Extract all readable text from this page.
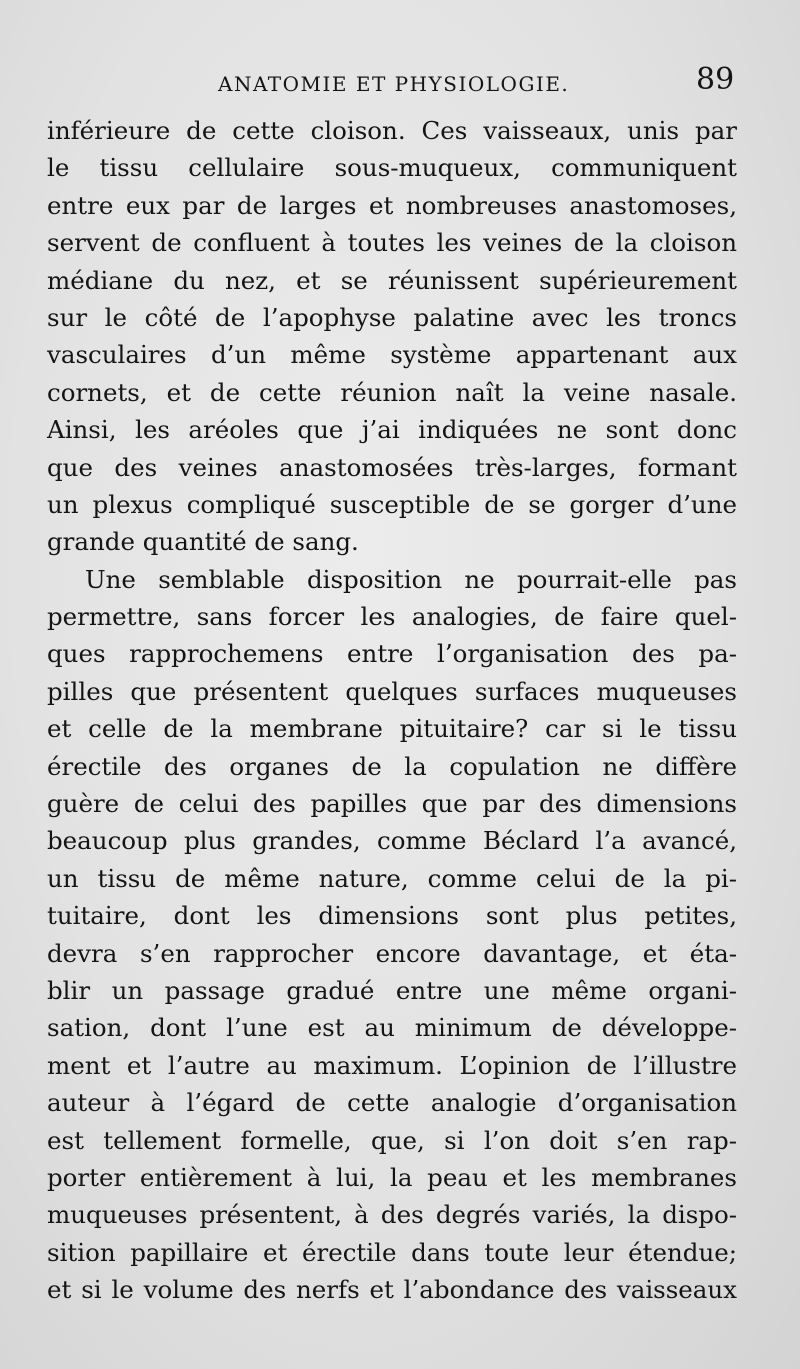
ANATOMIE ET PHYSIOLOGIE.	89
inférieure de cette cloison. Ces vaisseaux, unis par
le tissu cellulaire sous-muqueux, communiquent
entre eux par de larges et nombreuses anastomoses,
servent de confluent à toutes les veines de la cloison
médiane du nez, et se réunissent supérieurement
sur le côté de l’apophyse palatine avec les troncs
vasculaires d’un même système appartenant aux
cornets, et de cette réunion naît la veine nasale.
Ainsi, les aréoles que j’ai indiquées ne sont donc
que des veines anastomosées très-larges, formant
un plexus compliqué susceptible de se gorger d’une
grande quantité de sang.
Une semblable disposition ne pourrait-elle pas
permettre, sans forcer les analogies, de faire quel-
ques rapprochemens entre l’organisation des pa-
pilles que présentent quelques surfaces muqueuses
et celle de la membrane pituitaire? car si le tissu
érectile des organes de la copulation ne diffère
guère de celui des papilles que par des dimensions
beaucoup plus grandes, comme Béclard l’a avancé,
un tissu de même nature, comme celui de la pi-
tuitaire, dont les dimensions sont plus petites,
devra s’en rapprocher encore davantage, et éta-
blir un passage gradué entre une même organi-
sation, dont l’une est au minimum de développe-
ment et l’autre au maximum. L’opinion de l’illustre
auteur à l’égard de cette analogie d’organisation
est tellement formelle, que, si l’on doit s’en rap-
porter entièrement à lui, la peau et les membranes
muqueuses présentent, à des degrés variés, la dispo-
sition papillaire et érectile dans toute leur étendue;
et si le volume des nerfs et l’abondance des vaisseaux
